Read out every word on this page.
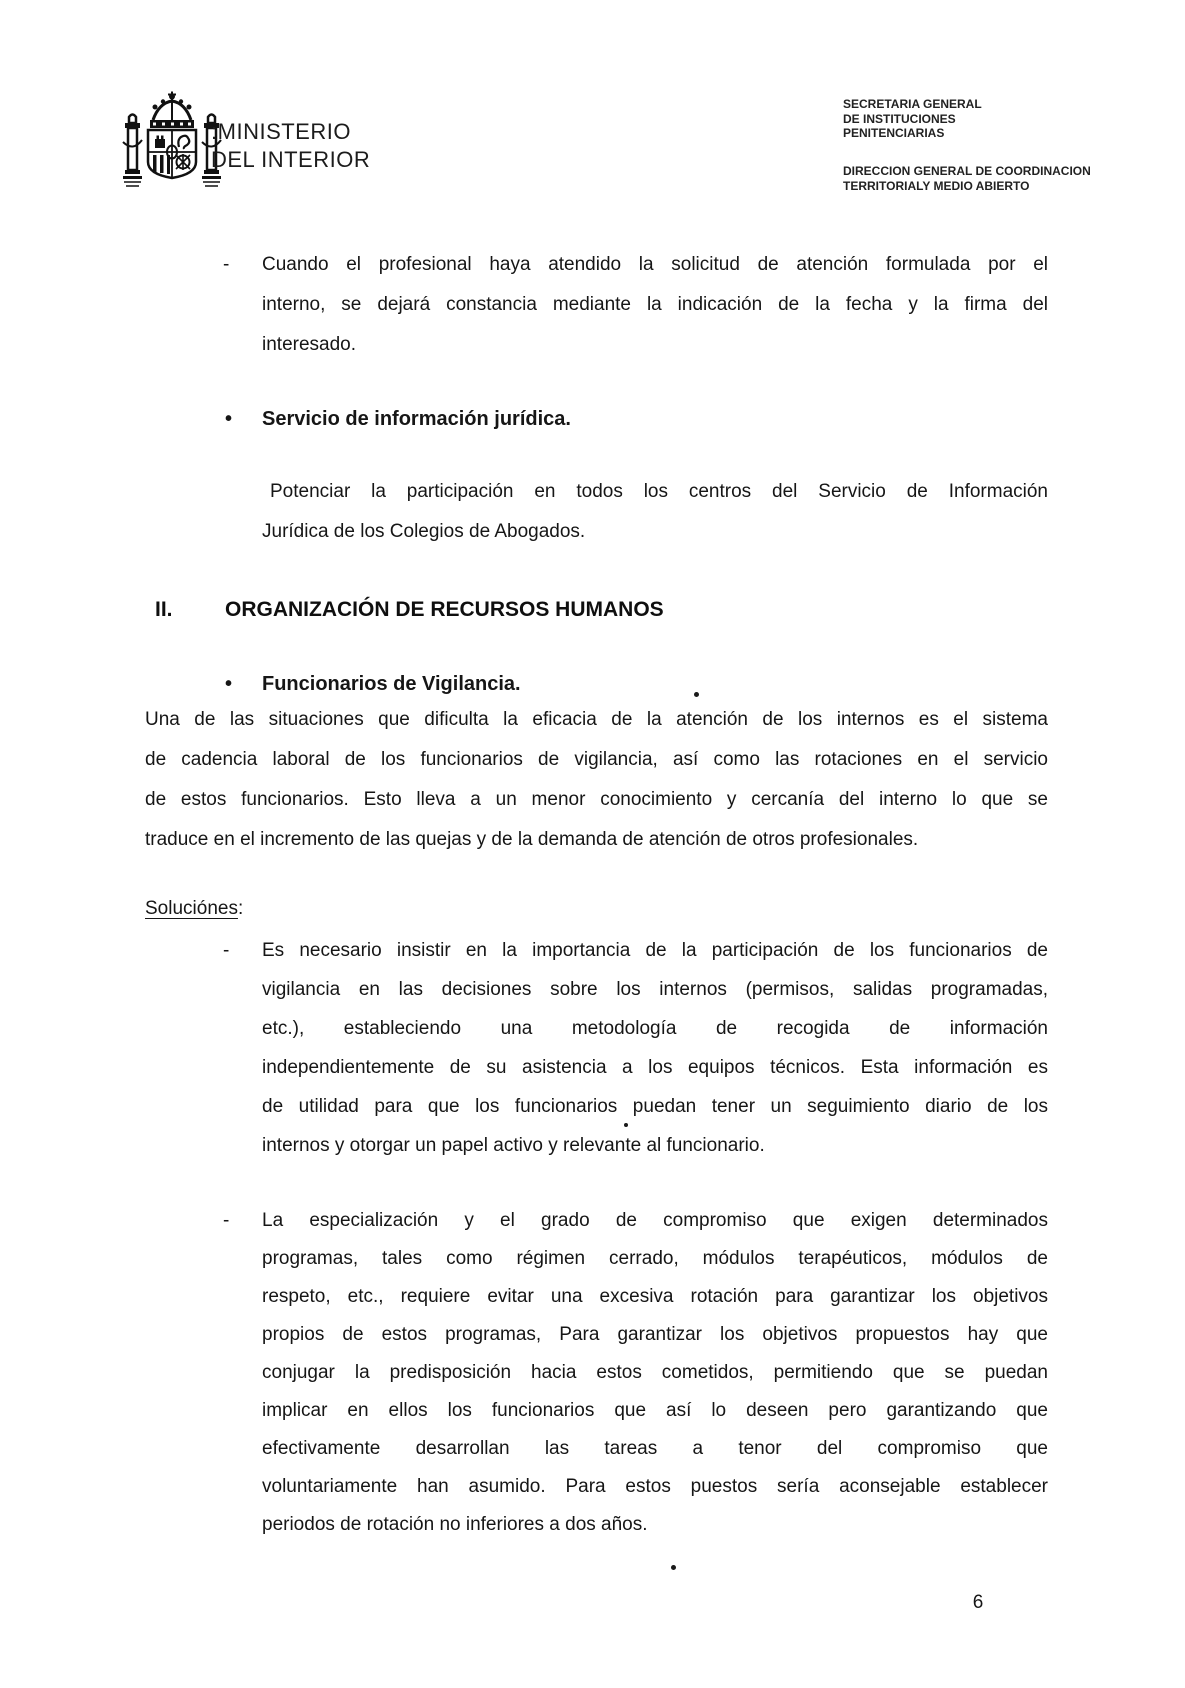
:MINISTERIO
DEL INTERIOR
SECRETARIA GENERAL
DE INSTITUCIONES
PENITENCIARIAS
DIRECCION GENERAL DE COORDINACION
TERRITORIALY MEDIO ABIERTO
-	Cuando el profesional haya atendido la solicitud de atención formulada por el
interno, se dejará constancia mediante la indicación de la fecha y la firma del
interesado.
• Servicio de información jurídica.
Potenciar la participación en todos los centros del Servicio de Información
Jurídica de los Colegios de Abogados.
II. ORGANIZACIÓN DE RECURSOS HUMANOS
• Funcionarios de Vigilancia.
Una de las situaciones que dificulta la eficacia de la atención de los internos es el sistema
de cadencia laboral de los funcionarios de vigilancia, así como las rotaciones en el servicio
de estos funcionarios. Esto lleva a un menor conocimiento y cercanía del interno lo que se
traduce en el incremento de las quejas y de la demanda de atención de otros profesionales.
Soluciónes:
-	Es necesario insistir en la importancia de la participación de los funcionarios de
vigilancia en las decisiones sobre los internos (permisos, salidas programadas,
etc.), estableciendo una metodología de recogida de información
independientemente de su asistencia a los equipos técnicos. Esta información es
de utilidad para que los funcionarios puedan tener un seguimiento diario de los
internos y otorgar un papel activo y relevante al funcionario.
-	La especialización y el grado de compromiso que exigen determinados
programas, tales como régimen cerrado, módulos terapéuticos, módulos de
respeto, etc., requiere evitar una excesiva rotación para garantizar los objetivos
propios de estos programas, Para garantizar los objetivos propuestos hay que
conjugar la predisposición hacia estos cometidos, permitiendo que se puedan
implicar en ellos los funcionarios que así lo deseen pero garantizando que
efectivamente desarrollan las tareas a tenor del compromiso que
voluntariamente han asumido. Para estos puestos sería aconsejable establecer
periodos de rotación no inferiores a dos años.
6
